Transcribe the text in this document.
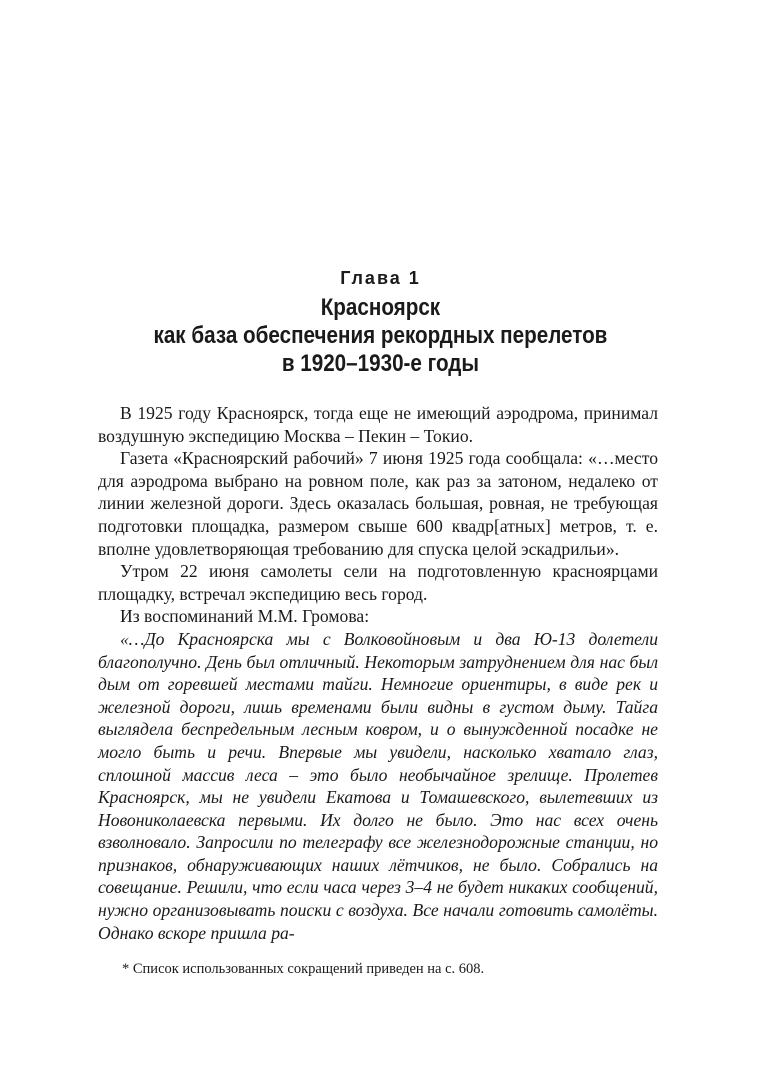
Глава 1
Красноярск
как база обеспечения рекордных перелетов
в 1920–1930-е годы

В 1925 году Красноярск, тогда еще не имеющий аэродрома, принимал воздушную экспедицию Москва – Пекин – Токио.

Газета «Красноярский рабочий» 7 июня 1925 года сообщала: «…место для аэродрома выбрано на ровном поле, как раз за затоном, недалеко от линии железной дороги. Здесь оказалась большая, ровная, не требующая подготовки площадка, размером свыше 600 квадр[атных] метров, т. е. вполне удовлетворяющая требованию для спуска целой эскадрильи».

Утром 22 июня самолеты сели на подготовленную красноярцами площадку, встречал экспедицию весь город.

Из воспоминаний М.М. Громова:

«…До Красноярска мы с Волковойновым и два Ю-13 долетели благополучно. День был отличный. Некоторым затруднением для нас был дым от горевшей местами тайги. Немногие ориентиры, в виде рек и железной дороги, лишь временами были видны в густом дыму. Тайга выглядела беспредельным лесным ковром, и о вынужденной посадке не могло быть и речи. Впервые мы увидели, насколько хватало глаз, сплошной массив леса – это было необычайное зрелище. Пролетев Красноярск, мы не увидели Екатова и Томашевского, вылетевших из Новониколаевска первыми. Их долго не было. Это нас всех очень взволновало. Запросили по телеграфу все железнодорожные станции, но признаков, обнаруживающих наших лётчиков, не было. Собрались на совещание. Решили, что если часа через 3–4 не будет никаких сообщений, нужно организовывать поиски с воздуха. Все начали готовить самолёты. Однако вскоре пришла ра-

* Список использованных сокращений приведен на с. 608.
